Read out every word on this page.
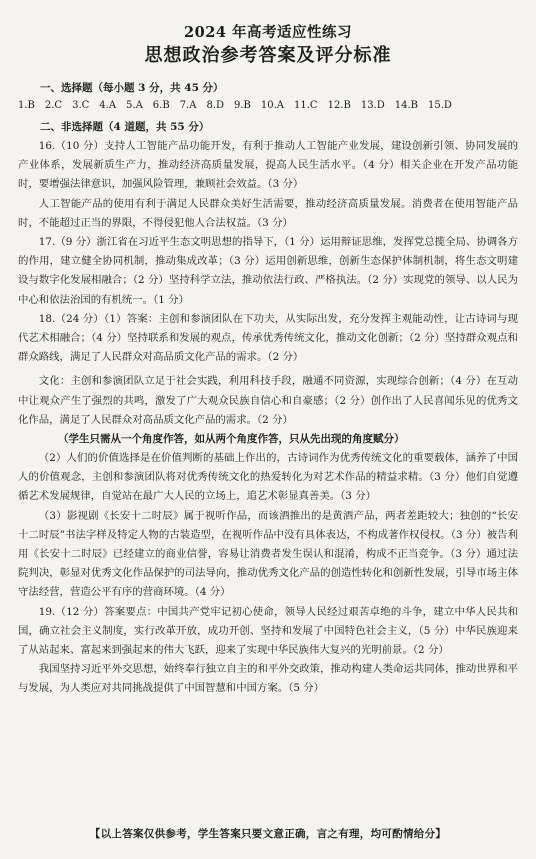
2024 年高考适应性练习
思想政治参考答案及评分标准
一、选择题（每小题 3 分，共 45 分）
1.B　2.C　3.C　4.A　5.A　6.B　7.A　8.D　9.B　10.A　11.C　12.B　13.D　14.B　15.D
二、非选择题（4 道题，共 55 分）

16.（10 分）支持人工智能产品功能开发，有利于推动人工智能产业发展，建设创新引领、协同发展的产业体系，发展新质生产力，推动经济高质量发展，提高人民生活水平。（4 分）相关企业在开发产品功能时，要增强法律意识，加强风险管理，兼顾社会效益。（3 分）

人工智能产品的使用有利于满足人民群众美好生活需要，推动经济高质量发展。消费者在使用智能产品时，不能超过正当的界限，不得侵犯他人合法权益。（3 分）

17.（9 分）浙江省在习近平生态文明思想的指导下，（1 分）运用辩证思维，发挥党总揽全局、协调各方的作用，建立健全协同机制，推动集成改革；（3 分）运用创新思维，创新生态保护体制机制，将生态文明建设与数字化发展相融合；（2 分）坚持科学立法，推动依法行政、严格执法。（2 分）实现党的领导、以人民为中心和依法治国的有机统一。（1 分）

18.（24 分）（1）答案：主创和参演团队在下功夫，从实际出发，充分发挥主观能动性，让古诗词与现代艺术相融合；（4 分）坚持联系和发展的观点，传承优秀传统文化，推动文化创新；（2 分）坚持群众观点和群众路线，满足了人民群众对高品质文化产品的需求。（2 分）

文化：主创和参演团队立足于社会实践，利用科技手段，融通不同资源，实现综合创新；（4 分）在互动中让观众产生了强烈的共鸣，激发了广大观众民族自信心和自豪感；（2 分）创作出了人民喜闻乐见的优秀文化作品，满足了人民群众对高品质文化产品的需求。（2 分）

（学生只需从一个角度作答，如从两个角度作答，只从先出现的角度赋分）

（2）人们的价值选择是在价值判断的基础上作出的，古诗词作为优秀传统文化的重要载体，涵养了中国人的价值观念，主创和参演团队将对优秀传统文化的热爱转化为对艺术作品的精益求精。（3 分）他们自觉遵循艺术发展规律，自觉站在最广大人民的立场上，追艺术彰显真善美。（3 分）

（3）影视剧《长安十二时辰》属于视听作品，而该酒推出的是黄酒产品，两者差距较大；独创的“长安十二时辰”书法字样及特定人物的古装造型，在视听作品中没有具体表达，不构成著作权侵权。（3 分）被告利用《长安十二时辰》已经建立的商业信誉，容易让消费者发生误认和混淆，构成不正当竞争。（3 分）通过法院判决，彰显对优秀文化作品保护的司法导向，推动优秀文化产品的创造性转化和创新性发展，引导市场主体守法经营，营造公平有序的营商环境。（4 分）

19.（12 分）答案要点：中国共产党牢记初心使命，领导人民经过艰苦卓绝的斗争，建立中华人民共和国，确立社会主义制度，实行改革开放，成功开创、坚持和发展了中国特色社会主义，（5 分）中华民族迎来了从站起来、富起来到强起来的伟大飞跃，迎来了实现中华民族伟大复兴的光明前景。（2 分）

我国坚持习近平外交思想，始终奉行独立自主的和平外交政策，推动构建人类命运共同体，推动世界和平与发展，为人类应对共同挑战提供了中国智慧和中国方案。（5 分）

【以上答案仅供参考，学生答案只要文意正确，言之有理，均可酌情给分】
